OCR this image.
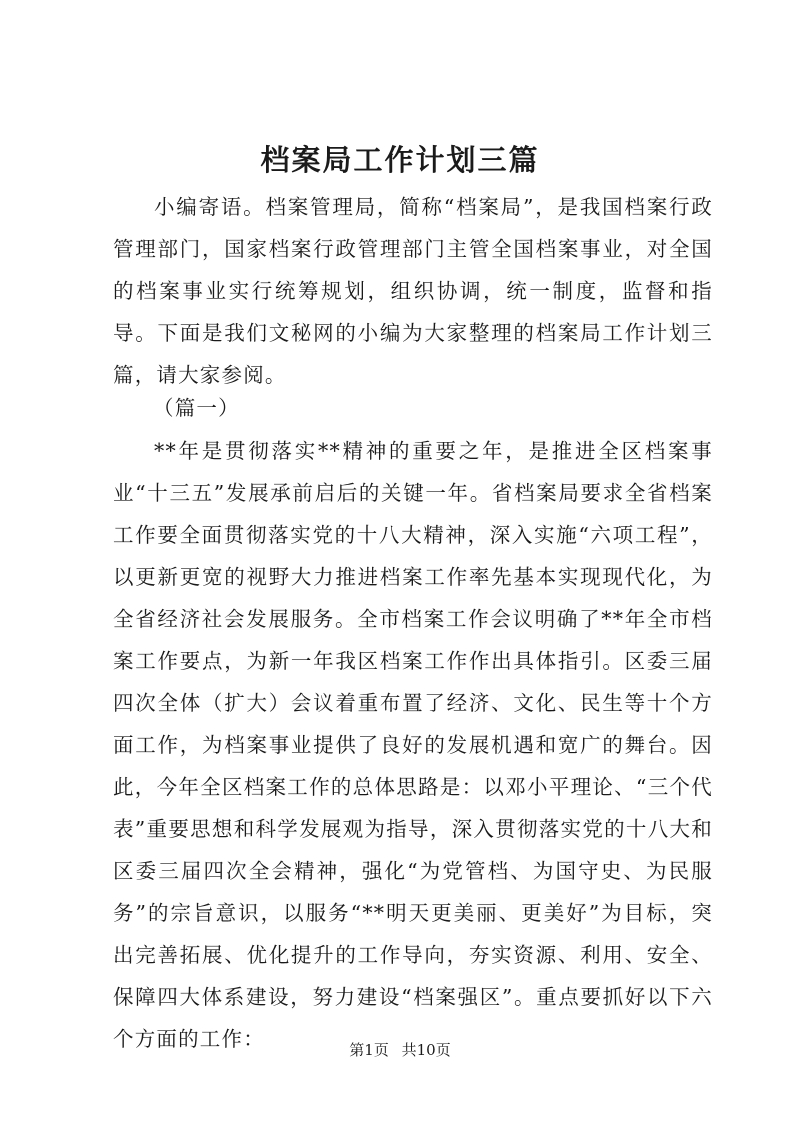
档案局工作计划三篇

小编寄语。档案管理局，简称“档案局”，是我国档案行政管理部门，国家档案行政管理部门主管全国档案事业，对全国的档案事业实行统筹规划，组织协调，统一制度，监督和指导。下面是我们文秘网的小编为大家整理的档案局工作计划三篇，请大家参阅。

（篇一）

**年是贯彻落实**精神的重要之年，是推进全区档案事业“十三五”发展承前启后的关键一年。省档案局要求全省档案工作要全面贯彻落实党的十八大精神，深入实施“六项工程”，以更新更宽的视野大力推进档案工作率先基本实现现代化，为全省经济社会发展服务。全市档案工作会议明确了**年全市档案工作要点，为新一年我区档案工作作出具体指引。区委三届四次全体（扩大）会议着重布置了经济、文化、民生等十个方面工作，为档案事业提供了良好的发展机遇和宽广的舞台。因此，今年全区档案工作的总体思路是：以邓小平理论、“三个代表”重要思想和科学发展观为指导，深入贯彻落实党的十八大和区委三届四次全会精神，强化“为党管档、为国守史、为民服务”的宗旨意识，以服务“**明天更美丽、更美好”为目标，突出完善拓展、优化提升的工作导向，夯实资源、利用、安全、保障四大体系建设，努力建设“档案强区”。重点要抓好以下六个方面的工作：	第1页 共10页
